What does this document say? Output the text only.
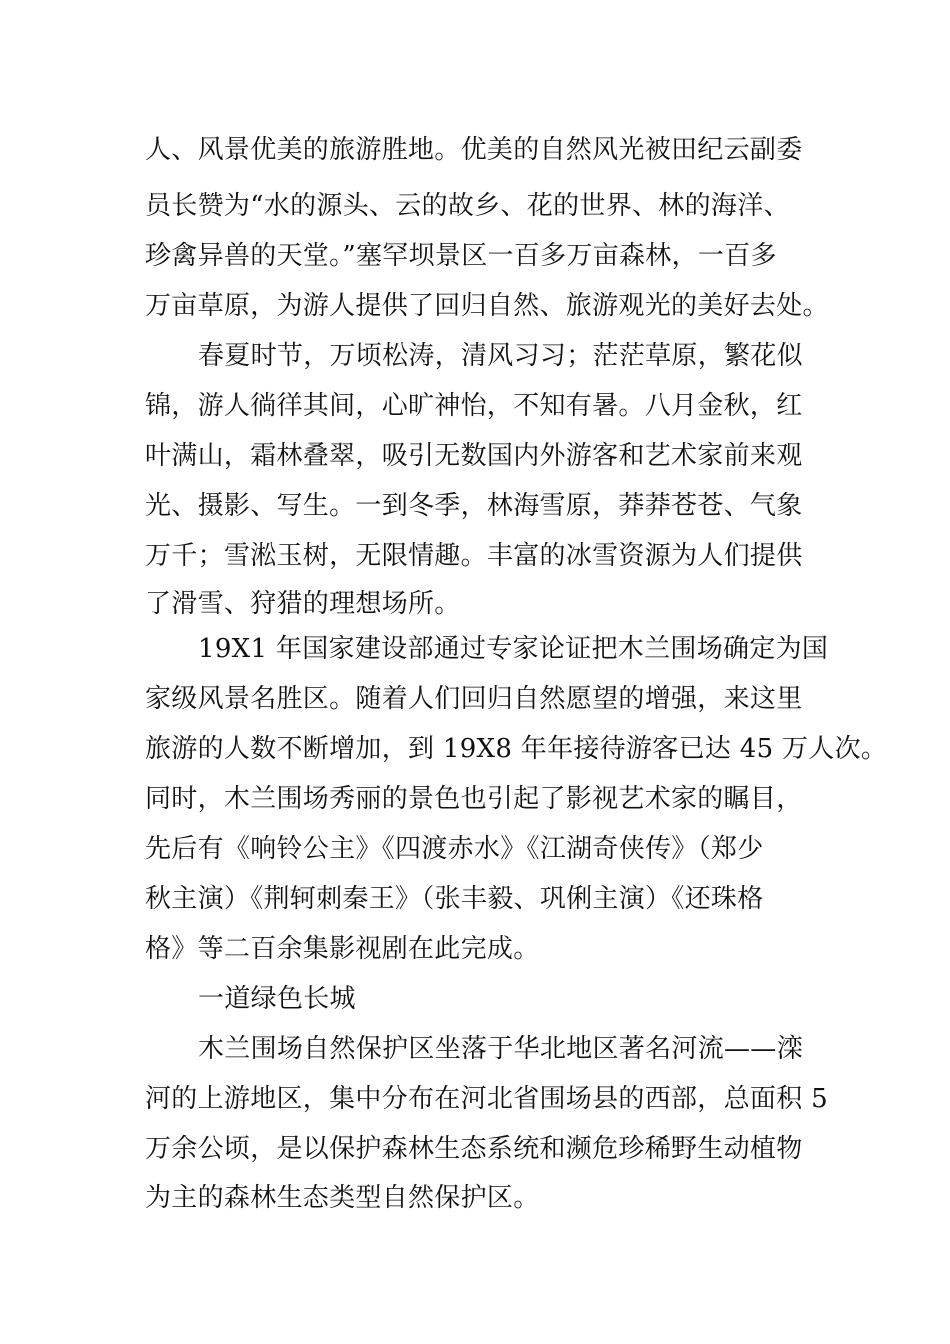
人、风景优美的旅游胜地。优美的自然风光被田纪云副委
员长赞为“水的源头、云的故乡、花的世界、林的海洋、
珍禽异兽的天堂。”塞罕坝景区一百多万亩森林，一百多
万亩草原，为游人提供了回归自然、旅游观光的美好去处。
春夏时节，万顷松涛，清风习习；茫茫草原，繁花似
锦，游人徜徉其间，心旷神怡，不知有暑。八月金秋，红
叶满山，霜林叠翠，吸引无数国内外游客和艺术家前来观
光、摄影、写生。一到冬季，林海雪原，莽莽苍苍、气象
万千；雪淞玉树，无限情趣。丰富的冰雪资源为人们提供
了滑雪、狩猎的理想场所。
19X1 年国家建设部通过专家论证把木兰围场确定为国
家级风景名胜区。随着人们回归自然愿望的增强，来这里
旅游的人数不断增加，到 19X8 年年接待游客已达 45 万人次。
同时，木兰围场秀丽的景色也引起了影视艺术家的瞩目，
先后有《响铃公主》《四渡赤水》《江湖奇侠传》（郑少
秋主演）《荆轲刺秦王》（张丰毅、巩俐主演）《还珠格
格》等二百余集影视剧在此完成。
一道绿色长城
木兰围场自然保护区坐落于华北地区著名河流——滦
河的上游地区，集中分布在河北省围场县的西部，总面积 5
万余公顷，是以保护森林生态系统和濒危珍稀野生动植物
为主的森林生态类型自然保护区。
